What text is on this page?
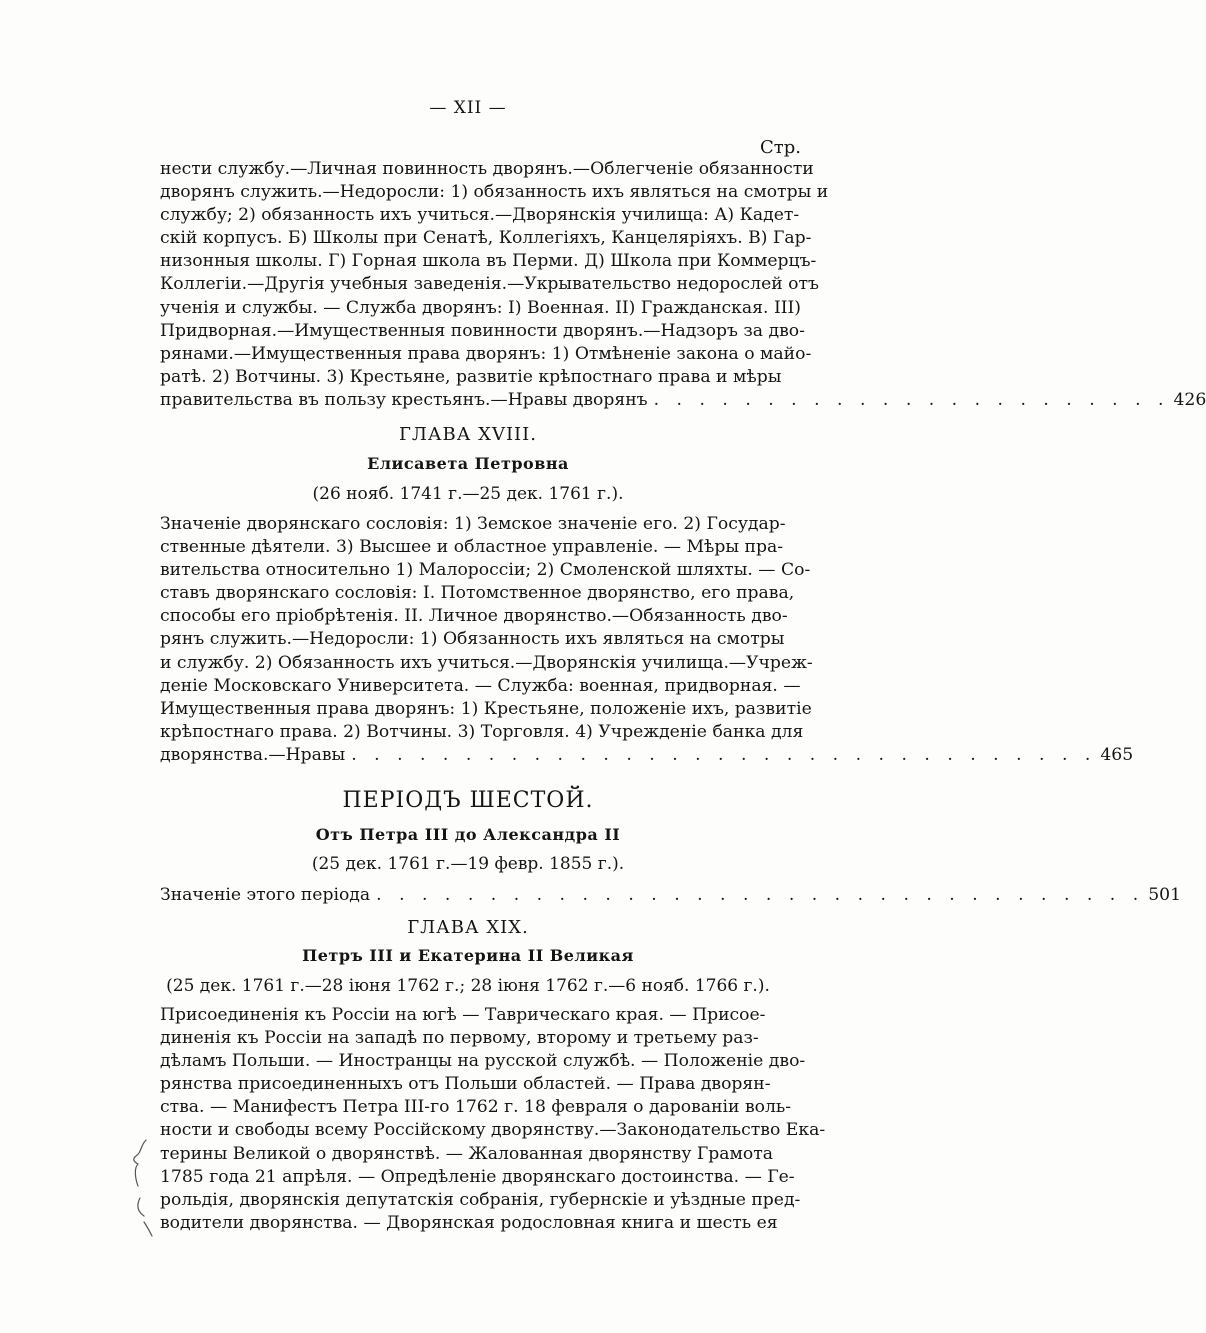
— XII —
Стр.
нести службу.—Личная повинность дворянъ.—Облегченіе обязанности
дворянъ служить.—Недоросли: 1) обязанность ихъ являться на смотры и
службу; 2) обязанность ихъ учиться.—Дворянскія училища: А) Кадет-
скій корпусъ. Б) Школы при Сенатѣ, Коллегіяхъ, Канцеляріяхъ. В) Гар-
низонныя школы. Г) Горная школа въ Перми. Д) Школа при Коммерцъ-
Коллегіи.—Другія учебныя заведенія.—Укрывательство недорослей отъ
ученія и службы. — Служба дворянъ: I) Военная. II) Гражданская. III)
Придворная.—Имущественныя повинности дворянъ.—Надзоръ за дво-
рянами.—Имущественныя права дворянъ: 1) Отмѣненіе закона о майо-
ратѣ. 2) Вотчины. 3) Крестьяне, развитіе крѣпостнаго права и мѣры
правительства въ пользу крестьянъ.—Нравы дворянъ . . . . . . . . . . . . . . . . . . . . . . . 426
ГЛАВА XVIII.
Елисавета Петровна
(26 нояб. 1741 г.—25 дек. 1761 г.).
Значеніе дворянскаго сословія: 1) Земское значеніе его. 2) Государ-
ственные дѣятели. 3) Высшее и областное управленіе. — Мѣры пра-
вительства относительно 1) Малороссіи; 2) Смоленской шляхты. — Со-
ставъ дворянскаго сословія: I. Потомственное дворянство, его права,
способы его пріобрѣтенія. II. Личное дворянство.—Обязанность дво-
рянъ служить.—Недоросли: 1) Обязанность ихъ являться на смотры
и службу. 2) Обязанность ихъ учиться.—Дворянскія училища.—Учреж-
деніе Московскаго Университета. — Служба: военная, придворная. —
Имущественныя права дворянъ: 1) Крестьяне, положеніе ихъ, развитіе
крѣпостнаго права. 2) Вотчины. 3) Торговля. 4) Учрежденіе банка для
дворянства.—Нравы . . . . . . . . . . . . . . . . . . . . . . . . . . . . . . . . . 465
ПЕРІОДЪ ШЕСТОЙ.
Отъ Петра III до Александра II
(25 дек. 1761 г.—19 февр. 1855 г.).
Значеніе этого періода . . . . . . . . . . . . . . . . . . . . . . . . . . . . . . . . . . 501
ГЛАВА XIX.
Петръ III и Екатерина II Великая
(25 дек. 1761 г.—28 іюня 1762 г.; 28 іюня 1762 г.—6 нояб. 1766 г.).
Присоединенія къ Россіи на югѣ — Таврическаго края. — Присое-
диненія къ Россіи на западѣ по первому, второму и третьему раз-
дѣламъ Польши. — Иностранцы на русской службѣ. — Положеніе дво-
рянства присоединенныхъ отъ Польши областей. — Права дворян-
ства. — Манифестъ Петра III-го 1762 г. 18 февраля о дарованіи воль-
ности и свободы всему Россійскому дворянству.—Законодательство Ека-
терины Великой о дворянствѣ. — Жалованная дворянству Грамота
1785 года 21 апрѣля. — Опредѣленіе дворянскаго достоинства. — Ге-
рольдія, дворянскія депутатскія собранія, губернскіе и уѣздные пред-
водители дворянства. — Дворянская родословная книга и шесть ея
